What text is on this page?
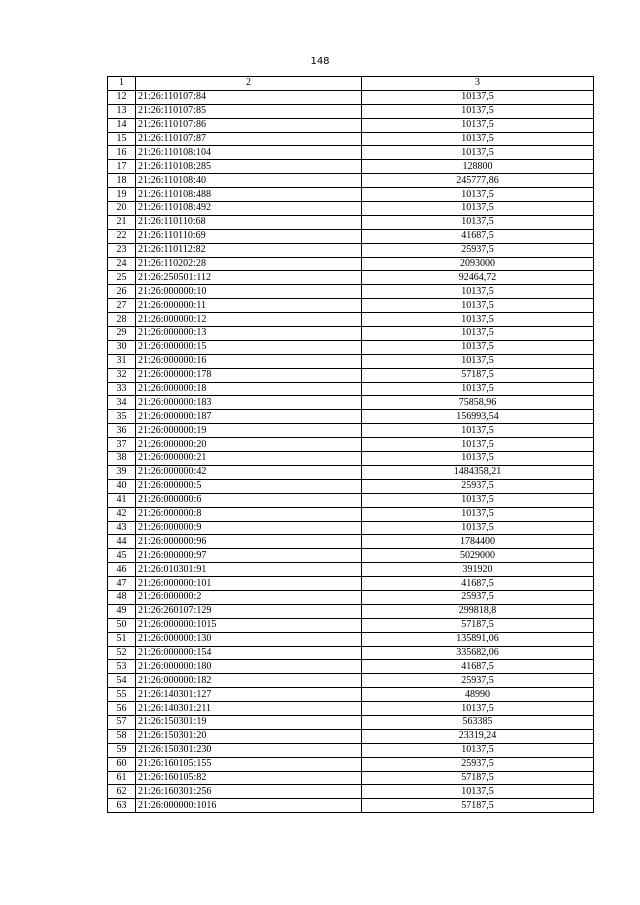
148
1	2	3
12	21:26:110107:84	10137,5
13	21:26:110107:85	10137,5
14	21:26:110107:86	10137,5
15	21:26:110107:87	10137,5
16	21:26:110108:104	10137,5
17	21:26:110108:285	128800
18	21:26:110108:40	245777,86
19	21:26:110108:488	10137,5
20	21:26:110108:492	10137,5
21	21:26:110110:68	10137,5
22	21:26:110110:69	41687,5
23	21:26:110112:82	25937,5
24	21:26:110202:28	2093000
25	21:26:250501:112	92464,72
26	21:26:000000:10	10137,5
27	21:26:000000:11	10137,5
28	21:26:000000:12	10137,5
29	21:26:000000:13	10137,5
30	21:26:000000:15	10137,5
31	21:26:000000:16	10137,5
32	21:26:000000:178	57187,5
33	21:26:000000:18	10137,5
34	21:26:000000:183	75858,96
35	21:26:000000:187	156993,54
36	21:26:000000:19	10137,5
37	21:26:000000:20	10137,5
38	21:26:000000:21	10137,5
39	21:26:000000:42	1484358,21
40	21:26:000000:5	25937,5
41	21:26:000000:6	10137,5
42	21:26:000000:8	10137,5
43	21:26:000000:9	10137,5
44	21:26:000000:96	1784400
45	21:26:000000:97	5029000
46	21:26:010301:91	391920
47	21:26:000000:101	41687,5
48	21:26:000000:2	25937,5
49	21:26:260107:129	299818,8
50	21:26:000000:1015	57187,5
51	21:26:000000:130	135891,06
52	21:26:000000:154	335682,06
53	21:26:000000:180	41687,5
54	21:26:000000:182	25937,5
55	21:26:140301:127	48990
56	21:26:140301:211	10137,5
57	21:26:150301:19	563385
58	21:26:150301:20	23319,24
59	21:26:150301:230	10137,5
60	21:26:160105:155	25937,5
61	21:26:160105:82	57187,5
62	21:26:160301:256	10137,5
63	21:26:000000:1016	57187,5
